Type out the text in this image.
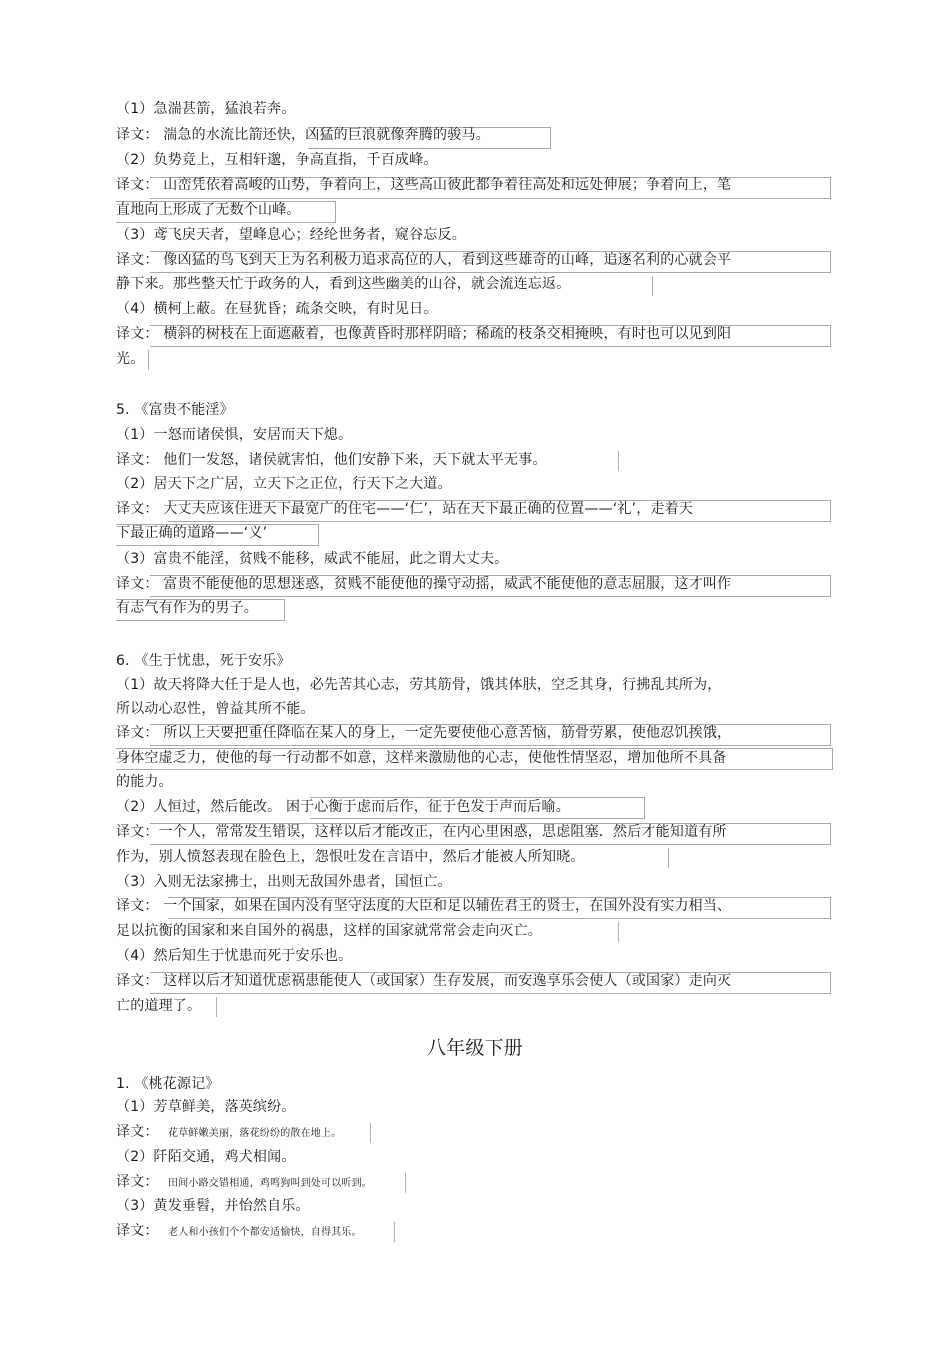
（1）急湍甚箭，猛浪若奔。
译文： 湍急的水流比箭还快，凶猛的巨浪就像奔腾的骏马。
（2）负势竞上，互相轩邈，争高直指，千百成峰。
译文： 山峦凭依着高峻的山势，争着向上，这些高山彼此都争着往高处和远处伸展；争着向上，笔
直地向上形成了无数个山峰。
（3）鸢飞戾天者，望峰息心；经纶世务者，窥谷忘反。
译文： 像凶猛的鸟飞到天上为名利极力追求高位的人，看到这些雄奇的山峰，追逐名利的心就会平
静下来。那些整天忙于政务的人，看到这些幽美的山谷，就会流连忘返。
（4）横柯上蔽。在昼犹昏；疏条交映，有时见日。
译文： 横斜的树枝在上面遮蔽着，也像黄昏时那样阴暗；稀疏的枝条交相掩映，有时也可以见到阳
光。
5. 《富贵不能淫》
（1）一怒而诸侯惧，安居而天下熄。
译文： 他们一发怒，诸侯就害怕，他们安静下来，天下就太平无事。
（2）居天下之广居，立天下之正位，行天下之大道。
译文： 大丈夫应该住进天下最宽广的住宅——‘仁’，站在天下最正确的位置——‘礼’，走着天
下最正确的道路——‘义’
（3）富贵不能淫，贫贱不能移，威武不能屈，此之谓大丈夫。
译文： 富贵不能使他的思想迷惑，贫贱不能使他的操守动摇，威武不能使他的意志屈服，这才叫作
有志气有作为的男子。
6. 《生于忧患，死于安乐》
（1）故天将降大任于是人也，必先苦其心志，劳其筋骨，饿其体肤，空乏其身，行拂乱其所为，
所以动心忍性，曾益其所不能。
译文： 所以上天要把重任降临在某人的身上，一定先要使他心意苦恼，筋骨劳累，使他忍饥挨饿，
身体空虚乏力，使他的每一行动都不如意，这样来激励他的心志，使他性情坚忍，增加他所不具备
的能力。
（2）人恒过，然后能改。 困于心衡于虑而后作，征于色发于声而后喻。
译文：一个人，常常发生错误，这样以后才能改正，在内心里困惑，思虑阻塞．然后才能知道有所
作为，别人愤怒表现在脸色上，怨恨吐发在言语中，然后才能被人所知晓。
（3）入则无法家拂士，出则无敌国外患者，国恒亡。
译文： 一个国家，如果在国内没有坚守法度的大臣和足以辅佐君王的贤士，在国外没有实力相当、
足以抗衡的国家和来自国外的祸患，这样的国家就常常会走向灭亡。
（4）然后知生于忧患而死于安乐也。
译文： 这样以后才知道忧虑祸患能使人（或国家）生存发展，而安逸享乐会使人（或国家）走向灭
亡的道理了。
八年级下册
1. 《桃花源记》
（1）芳草鲜美，落英缤纷。
译文： 花草鲜嫩美丽，落花纷纷的散在地上。
（2）阡陌交通，鸡犬相闻。
译文： 田间小路交错相通，鸡鸣狗叫到处可以听到。
（3）黄发垂髫，并怡然自乐。
译文： 老人和小孩们个个都安适愉快，自得其乐。
